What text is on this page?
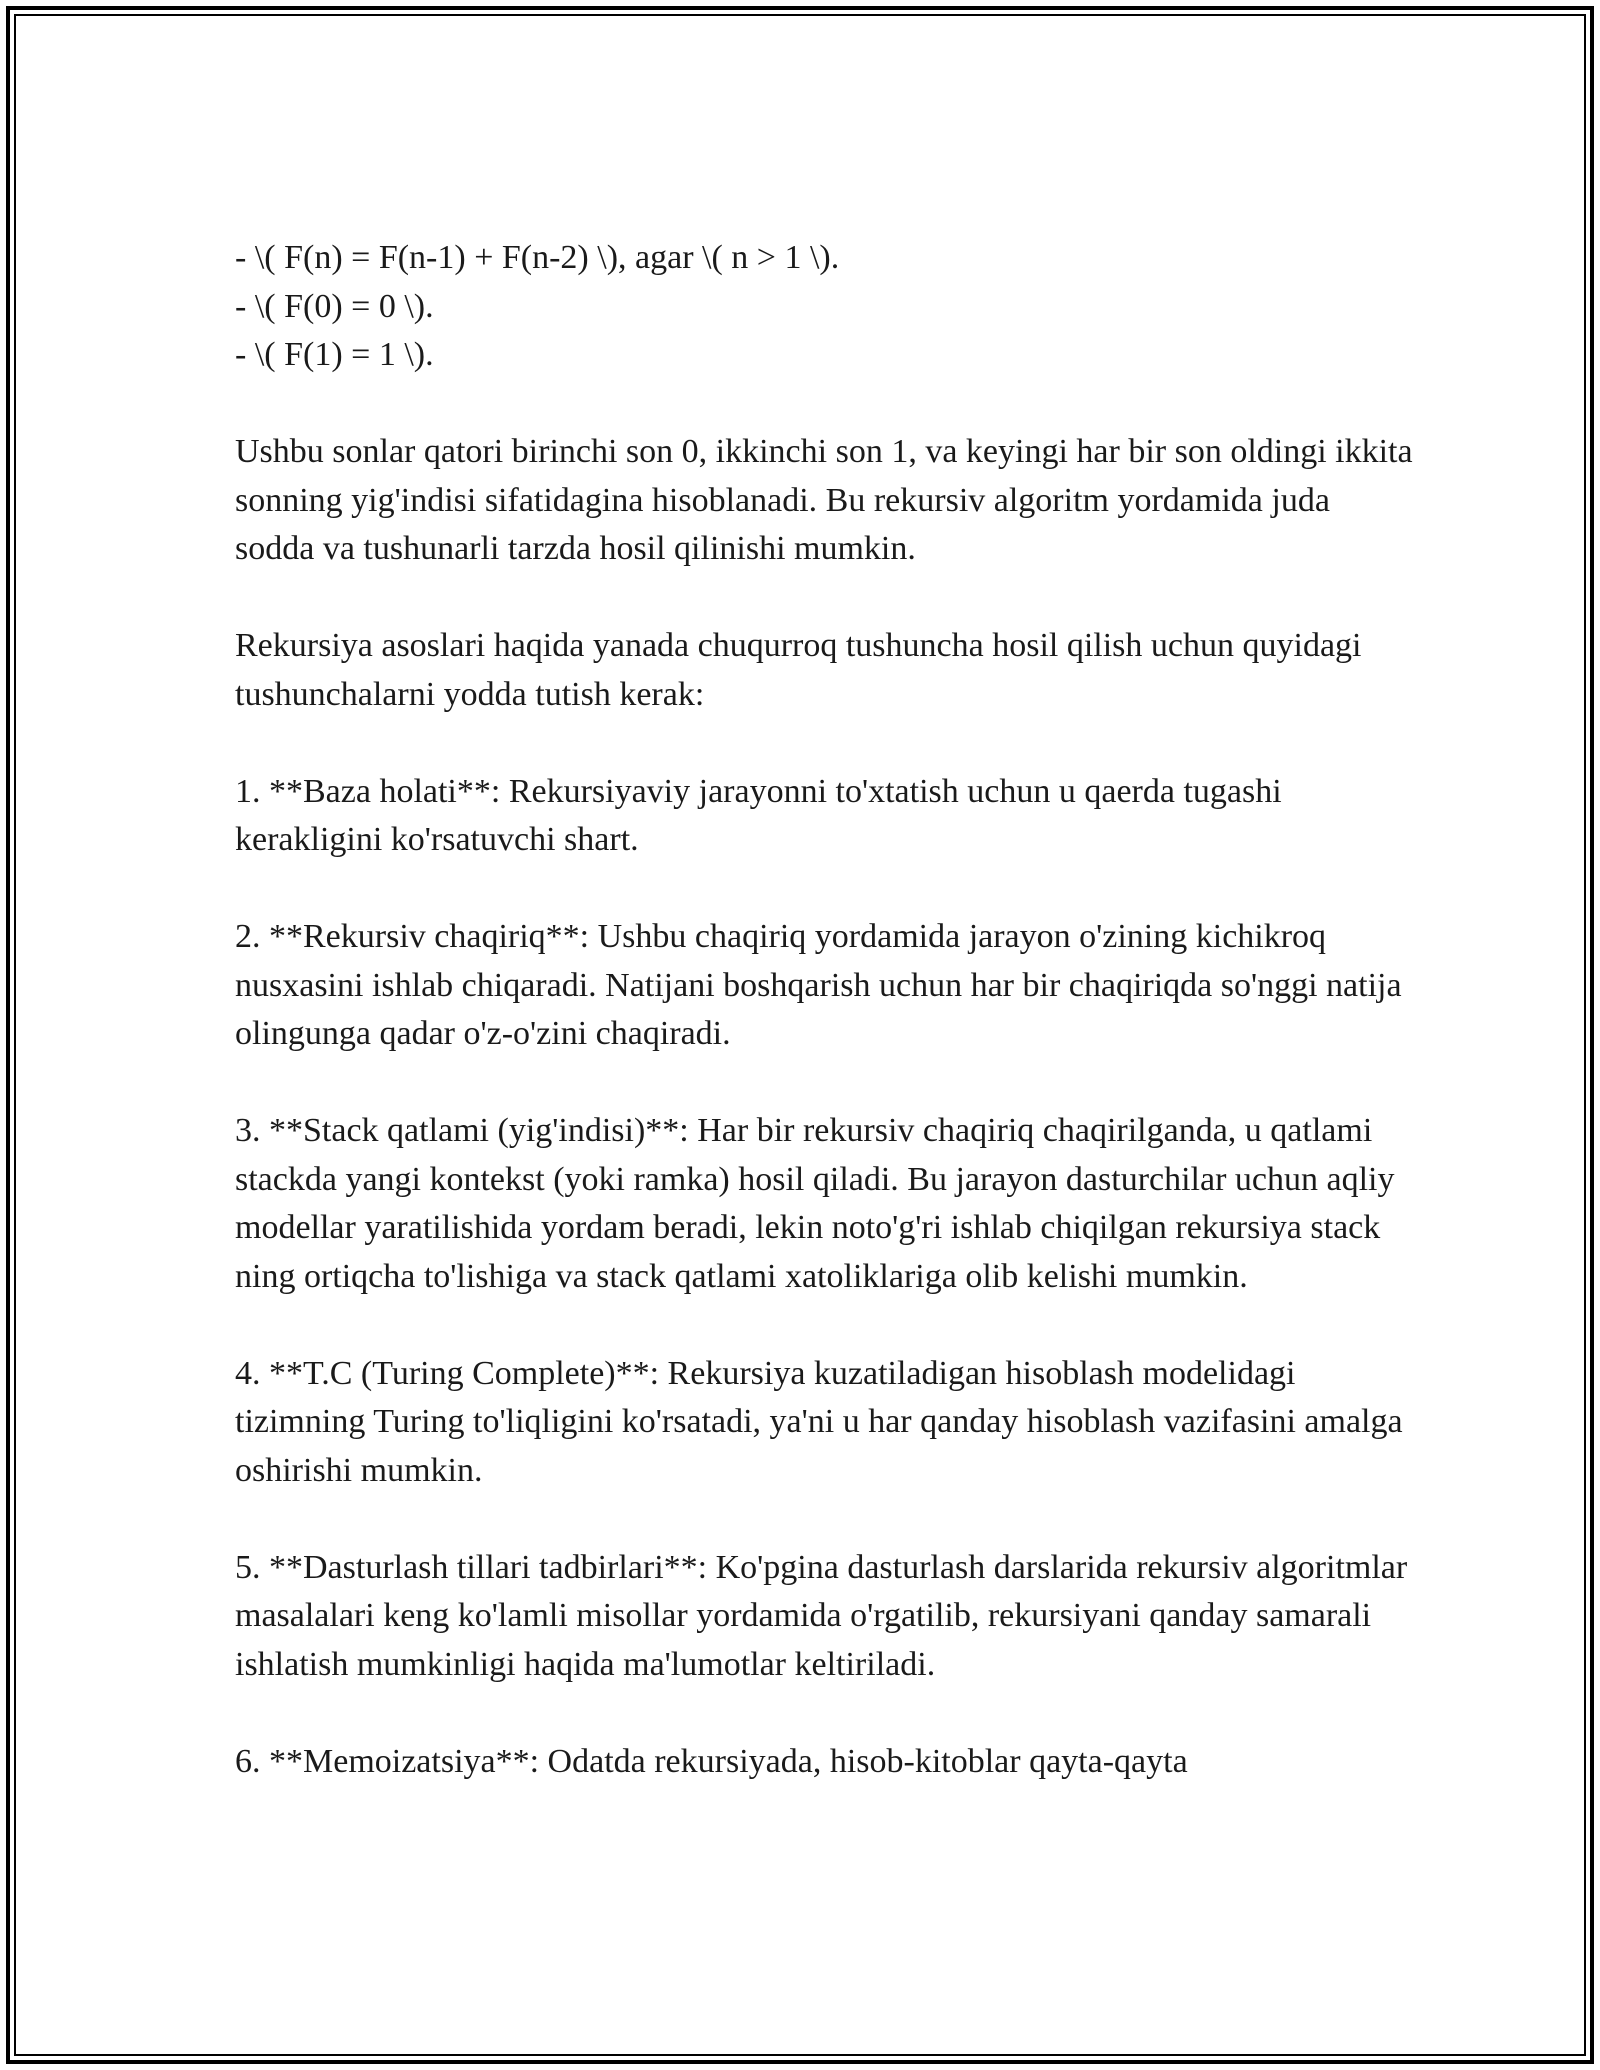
- \( F(n) = F(n-1) + F(n-2) \), agar \( n > 1 \).
- \( F(0) = 0 \).
- \( F(1) = 1 \).

Ushbu sonlar qatori birinchi son 0, ikkinchi son 1, va keyingi har bir son oldingi ikkita sonning yig'indisi sifatidagina hisoblanadi. Bu rekursiv algoritm yordamida juda sodda va tushunarli tarzda hosil qilinishi mumkin.

Rekursiya asoslari haqida yanada chuqurroq tushuncha hosil qilish uchun quyidagi tushunchalarni yodda tutish kerak:

1. **Baza holati**: Rekursiyaviy jarayonni to'xtatish uchun u qaerda tugashi kerakligini ko'rsatuvchi shart.

2. **Rekursiv chaqiriq**: Ushbu chaqiriq yordamida jarayon o'zining kichikroq nusxasini ishlab chiqaradi. Natijani boshqarish uchun har bir chaqiriqda so'nggi natija olingunga qadar o'z-o'zini chaqiradi.

3. **Stack qatlami (yig'indisi)**: Har bir rekursiv chaqiriq chaqirilganda, u qatlami stackda yangi kontekst (yoki ramka) hosil qiladi. Bu jarayon dasturchilar uchun aqliy modellar yaratilishida yordam beradi, lekin noto'g'ri ishlab chiqilgan rekursiya stack ning ortiqcha to'lishiga va stack qatlami xatoliklariga olib kelishi mumkin.

4. **T.C (Turing Complete)**: Rekursiya kuzatiladigan hisoblash modelidagi tizimning Turing to'liqligini ko'rsatadi, ya'ni u har qanday hisoblash vazifasini amalga oshirishi mumkin.

5. **Dasturlash tillari tadbirlari**: Ko'pgina dasturlash darslarida rekursiv algoritmlar masalalari keng ko'lamli misollar yordamida o'rgatilib, rekursiyani qanday samarali ishlatish mumkinligi haqida ma'lumotlar keltiriladi.

6. **Memoizatsiya**: Odatda rekursiyada, hisob-kitoblar qayta-qayta
